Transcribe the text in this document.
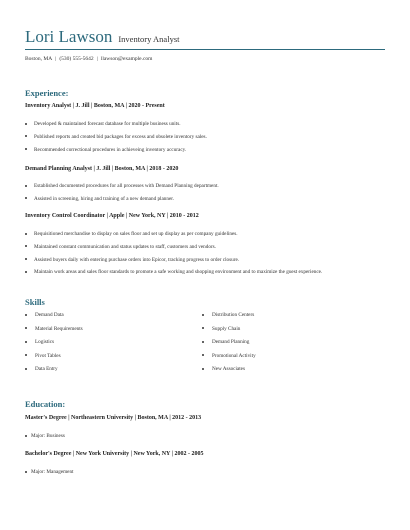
Lori Lawson Inventory Analyst
Boston, MA | (530) 555-5642 | llawson@example.com
Experience:
Inventory Analyst | J. Jill | Boston, MA | 2020 - Present
Developed & maintained forecast database for multiple business units.
Published reports and created bid packages for excess and obsolete inventory sales.
Recommended correctional procedures in achieveing inventory accuracy.
Demand Planning Analyst | J. Jill | Boston, MA | 2018 - 2020
Established documented procedures for all processes with Demand Planning department.
Assisted in screening, hiring and training of a new demand planner.
Inventory Control Coordinator | Apple | New York, NY | 2010 - 2012
Requisitioned merchandise to display on sales floor and set up display as per company guidelines.
Maintained constant communication and status updates to staff, customers and vendors.
Assisted buyers daily with entering purchase orders into Epicor, tracking progress to order closure.
Maintain work areas and sales floor standards to promote a safe working and shopping environment and to maximize the guest experience.
Skills
Demand Data	Distribution Centers
Material Requirements	Supply Chain
Logistics	Demand Planning
Pivot Tables	Promotional Activity
Data Entry	New Associates
Education:
Master's Degree | Northeastern University | Boston, MA | 2012 - 2013
Major: Business
Bachelor's Degree | New York University | New York, NY | 2002 - 2005
Major: Management
